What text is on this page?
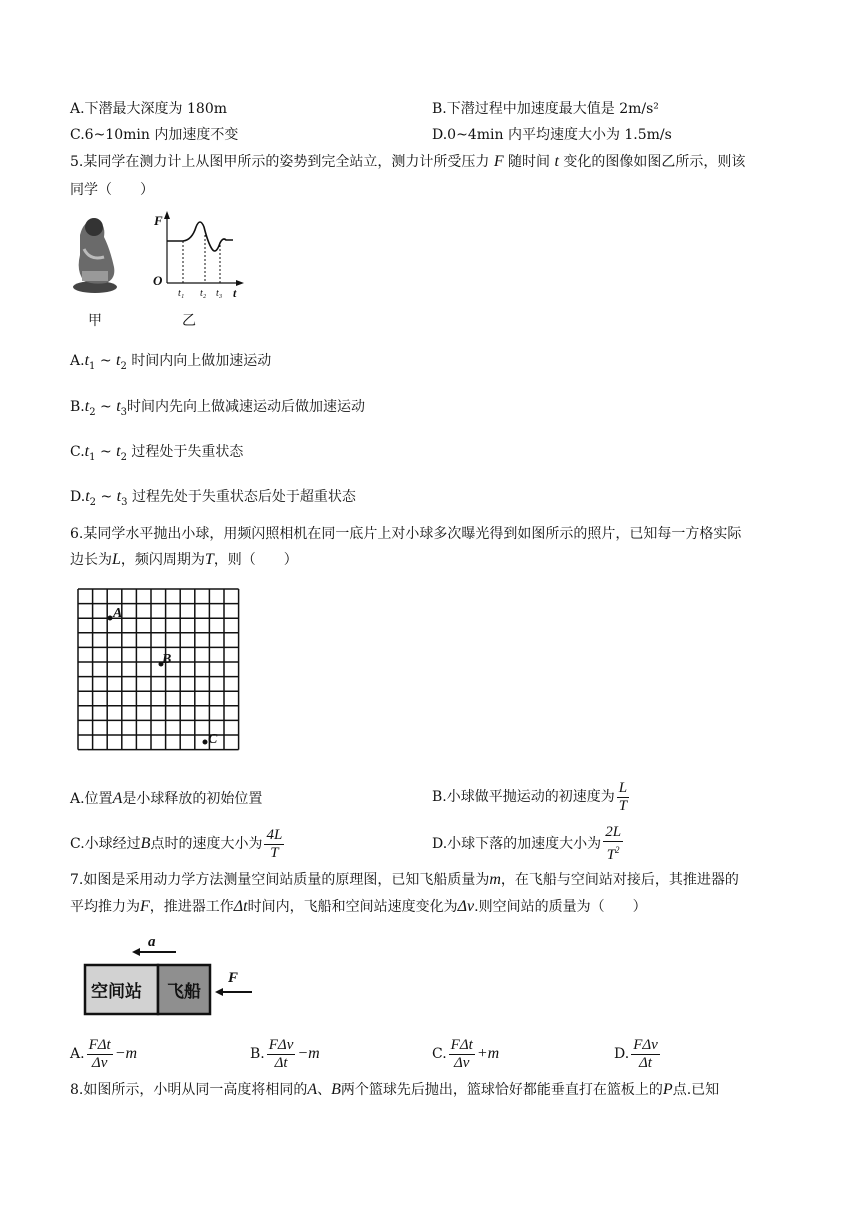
A.下潜最大深度为 180m	B.下潜过程中加速度最大值是 2m/s²
C.6~10min 内加速度不变	D.0~4min 内平均速度大小为 1.5m/s
5.某同学在测力计上从图甲所示的姿势到完全站立，测力计所受压力 F 随时间 t 变化的图像如图乙所示，则该
同学（　　）
甲	乙
F
O
t
t₁ t₂ t₃
$A.t_1$ ~ $t_2$ 时间内向上做加速运动
$B.t_2$ ~ $t_3$时间内先向上做减速运动后做加速运动
$C.t_1$ ~ $t_2$ 过程处于失重状态
$D.t_2$ ~ $t_3$ 过程先处于失重状态后处于超重状态
6.某同学水平抛出小球，用频闪照相机在同一底片上对小球多次曝光得到如图所示的照片，已知每一方格实际
边长为L，频闪周期为T，则（　　）
A
B
C
A.位置A是小球释放的初始位置	B.小球做平抛运动的初速度为 $\frac{L}{T}$
C.小球经过B点时的速度大小为 $\frac{4L}{T}$	D.小球下落的加速度大小为 $\frac{2L}{T^2}$
7.如图是采用动力学方法测量空间站质量的原理图，已知飞船质量为m，在飞船与空间站对接后，其推进器的
平均推力为F，推进器工作Δt时间内，飞船和空间站速度变化为Δv.则空间站的质量为（　　）
a
空间站 飞船
F
A. $\frac{\text{FΔt}}{\Delta v} -m$	B. $\frac{\text{FΔv}}{\Delta t} -m$	C. $\frac{\text{FΔt}}{\Delta v} +m$	D. $\frac{\text{FΔv}}{\Delta t}$
8.如图所示，小明从同一高度将相同的A、B两个篮球先后抛出，篮球恰好都能垂直打在篮板上的P点.已知
